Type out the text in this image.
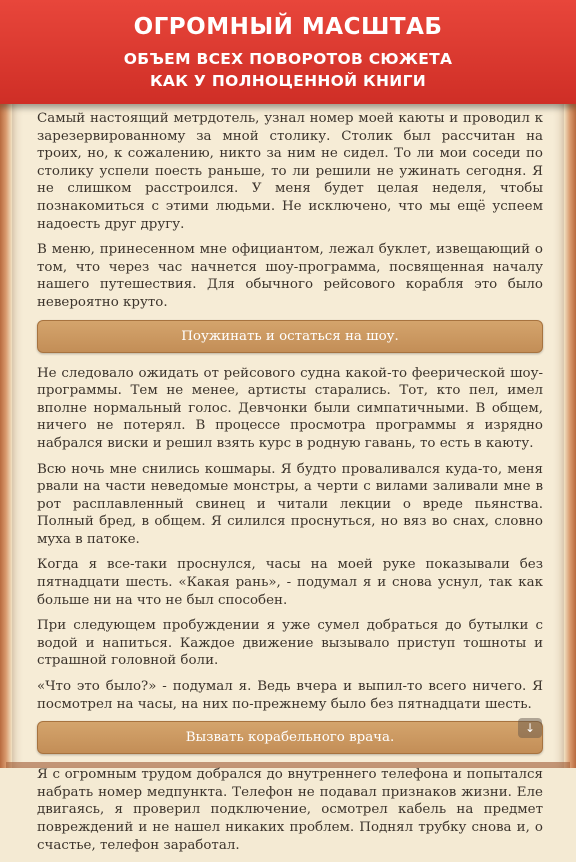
ОГРОМНЫЙ МАСШТАБ
ОБЪЕМ ВСЕХ ПОВОРОТОВ СЮЖЕТА
КАК У ПОЛНОЦЕННОЙ КНИГИ

Самый настоящий метрдотель, узнал номер моей каюты и проводил к зарезервированному за мной столику. Столик был рассчитан на троих, но, к сожалению, никто за ним не сидел. То ли мои соседи по столику успели поесть раньше, то ли решили не ужинать сегодня. Я не слишком расстроился. У меня будет целая неделя, чтобы познакомиться с этими людьми. Не исключено, что мы ещё успеем надоесть друг другу.

В меню, принесенном мне официантом, лежал буклет, извещающий о том, что через час начнется шоу-программа, посвященная началу нашего путешествия. Для обычного рейсового корабля это было невероятно круто.

Поужинать и остаться на шоу.

Не следовало ожидать от рейсового судна какой-то феерической шоу-программы. Тем не менее, артисты старались. Тот, кто пел, имел вполне нормальный голос. Девчонки были симпатичными. В общем, ничего не потерял. В процессе просмотра программы я изрядно набрался виски и решил взять курс в родную гавань, то есть в каюту.

Всю ночь мне снились кошмары. Я будто проваливался куда-то, меня рвали на части неведомые монстры, а черти с вилами заливали мне в рот расплавленный свинец и читали лекции о вреде пьянства. Полный бред, в общем. Я силился проснуться, но вяз во снах, словно муха в патоке.

Когда я все-таки проснулся, часы на моей руке показывали без пятнадцати шесть. «Какая рань», - подумал я и снова уснул, так как больше ни на что не был способен.

При следующем пробуждении я уже сумел добраться до бутылки с водой и напиться. Каждое движение вызывало приступ тошноты и страшной головной боли.

«Что это было?» - подумал я. Ведь вчера и выпил-то всего ничего. Я посмотрел на часы, на них по-прежнему было без пятнадцати шесть.

Вызвать корабельного врача.

Я с огромным трудом добрался до внутреннего телефона и попытался набрать номер медпункта. Телефон не подавал признаков жизни. Еле двигаясь, я проверил подключение, осмотрел кабель на предмет повреждений и не нашел никаких проблем. Поднял трубку снова и, о счастье, телефон заработал.

↓
